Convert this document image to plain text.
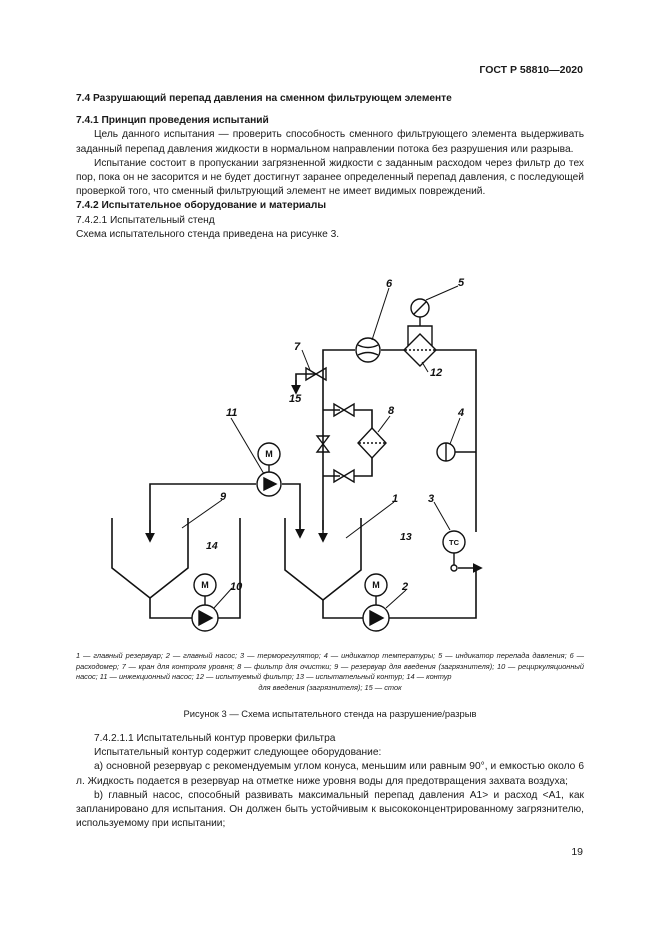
ГОСТ Р 58810—2020

7.4 Разрушающий перепад давления на сменном фильтрующем элементе

7.4.1 Принцип проведения испытаний

Цель данного испытания — проверить способность сменного фильтрующего элемента выдерживать заданный перепад давления жидкости в нормальном направлении потока без разрушения или разрыва.

Испытание состоит в пропускании загрязненной жидкости с заданным расходом через фильтр до тех пор, пока он не засорится и не будет достигнут заранее определенный перепад давления, с последующей проверкой того, что сменный фильтрующий элемент не имеет видимых повреждений.

7.4.2 Испытательное оборудование и материалы

7.4.2.1 Испытательный стенд

Схема испытательного стенда приведена на рисунке 3.

11
6	5
7
15
8	4
12
9	1	3
10	2
14
13
М
М	М
ТС
1 — главный резервуар; 2 — главный насос; 3 — терморегулятор; 4 — индикатор температуры; 5 — индикатор перепада давления; 6 — расходомер; 7 — кран для контроля уровня; 8 — фильтр для очистки; 9 — резервуар для введения (загрязнителя); 10 — рециркуляционный насос; 11 — инжекционный насос; 12 — испытуемый фильтр; 13 — испытательный контур; 14 — контур
для введения (загрязнителя); 15 — сток
Рисунок 3 — Схема испытательного стенда на разрушение/разрыв

7.4.2.1.1 Испытательный контур проверки фильтра

Испытательный контур содержит следующее оборудование:

a) основной резервуар с рекомендуемым углом конуса, меньшим или равным 90°, и емкостью около 6 л. Жидкость подается в резервуар на отметке ниже уровня воды для предотвращения захвата воздуха;

b) главный насос, способный развивать максимальный перепад давления А1> и расход <А1, как запланировано для испытания. Он должен быть устойчивым к высококонцентрированному загрязнителю, используемому при испытании;

19
